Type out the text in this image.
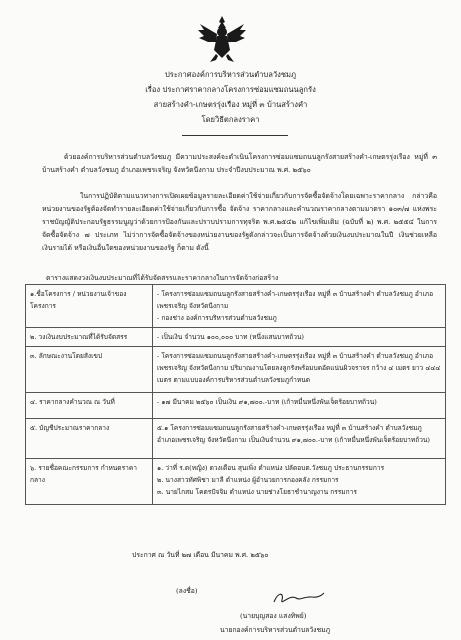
ประกาศองค์การบริหารส่วนตำบลวังชมภู
เรื่อง ประกาศราคากลางโครงการซ่อมแซมถนนลูกรัง
สายสร้างคำ-เกษตรรุ่งเรือง หมู่ที่ ๓ บ้านสร้างคำ
โดยวิธีตกลงราคา
ด้วยองค์การบริหารส่วนตำบลวังชมภู มีความประสงค์จะดำเนินโครงการซ่อมแซมถนนลูกรังสายสร้างคำ-เกษตรรุ่งเรือง หมู่ที่ ๓ บ้านสร้างคำ ตำบลวังชมภู อำเภอเพชรเจริญ จังหวัดนีงกาม ประจำปีงบประมาณ พ.ศ. ๒๕๖๐
ในการปฏิบัติตามแนวทางการเปิดเผยข้อมูลรายละเอียดค่าใช้จ่ายเกี่ยวกับการจัดซื้อจัดจ้างโดยเฉพาะราคากลาง กล่าวคือ หน่วยงานของรัฐต้องจัดทำรายละเอียดค่าใช้จ่ายเกี่ยวกับการซื้อ จัดจ้าง ราคากลางและคำนวณราคากลางตามมาตรา ๑๐๓/๗ แห่งพระราชบัญญัติประกอบรัฐธรรมนูญว่าด้วยการป้องกันและปราบปรามการทุจริต พ.ศ.๒๕๔๒ แก้ไขเพิ่มเติม (ฉบับที่ ๒) พ.ศ. ๒๕๕๔ ในการจัดซื้อจัดจ้าง ๗ ประเภท ไม่ว่าการจัดซื้อจัดจ้างของหน่วยงานของรัฐดังกล่าวจะเป็นการจัดจ้างด้วยเงินงบประมาณในปี เงินช่วยเหลือ เงินรายได้ หรือเงินอื่นใดของหน่วยงานของรัฐ ก็ตาม ดังนี้
ตารางแสดงวงเงินงบประมาณที่ได้รับจัดสรรและราคากลางในการจัดจ้างก่อสร้าง
๑.ชื่อโครงการ / หน่วยงานเจ้าของโครงการ	- โครงการซ่อมแซมถนนลูกรังสายสร้างคำ-เกษตรรุ่งเรือง หมู่ที่ ๓ บ้านสร้างคำ ตำบลวังชมภู อำเภอเพชรเจริญ จังหวัดนีงกาม
- กองช่าง องค์การบริหารส่วนตำบลวังชมภู
๒. วงเงินงบประมาณที่ได้รับจัดสรร	- เป็นเงิน จำนวน ๑๐๐,๐๐๐ บาท (หนึ่งแสนบาทถ้วน)
๓. ลักษณะงานโดยสังเขป	- โครงการซ่อมแซมถนนลูกรังสายสร้างคำ-เกษตรรุ่งเรือง หมู่ที่ ๓ บ้านสร้างคำ ตำบลวังชมภู อำเภอเพชรเจริญ จังหวัดนีงกาม ปริมาณงานโดยลงลูกรังพร้อมบดอัดแน่นผิวจราจร กว้าง ๔ เมตร ยาว ๔๔๔ เมตร ตามแบบองค์การบริหารส่วนตำบลวังชมภูกำหนด
๔. ราคากลางคำนวณ ณ วันที่	- ๑๗ มีนาคม ๒๕๖๐ เป็นเงิน ๙๑,๗๐๐.-บาท (เก้าหมื่นหนึ่งพันเจ็ดร้อยบาทถ้วน)
๕. บัญชีประมาณราคากลาง	๕.๑ โครงการซ่อมแซมถนนลูกรังสายสร้างคำ-เกษตรรุ่งเรือง หมู่ที่ ๓ บ้านสร้างคำ ตำบลวังชมภู อำเภอเพชรเจริญ จังหวัดนีงกาม เป็นเงินจำนวน ๙๑,๗๐๐.-บาท (เก้าหมื่นหนึ่งพันเจ็ดร้อยบาทถ้วน)
๖. รายชื่อคณะกรรมการ กำหนดราคากลาง	๑. ว่าที่ ร.ต(หญิง) ดวงเดือน สุนเพิ่ง ตำแหน่ง ปลัดอบต.วังชมภู ประธานกรรมการ
๒. นางสาวทัศพิชา มาลี ตำแหน่ง ผู้อำนวยการกองคลัง กรรมการ
๓. นายไกสม โคตรปัจจิม ตำแหน่ง นายช่างโยธาชำนาญงาน กรรมการ
ประกาศ ณ วันที่ ๒๗ เดือน มีนาคม พ.ศ. ๒๕๖๐
(ลงชื่อ)
(นายบุญสอง แสงทิพย์)
นายกองค์การบริหารส่วนตำบลวังชมภู
